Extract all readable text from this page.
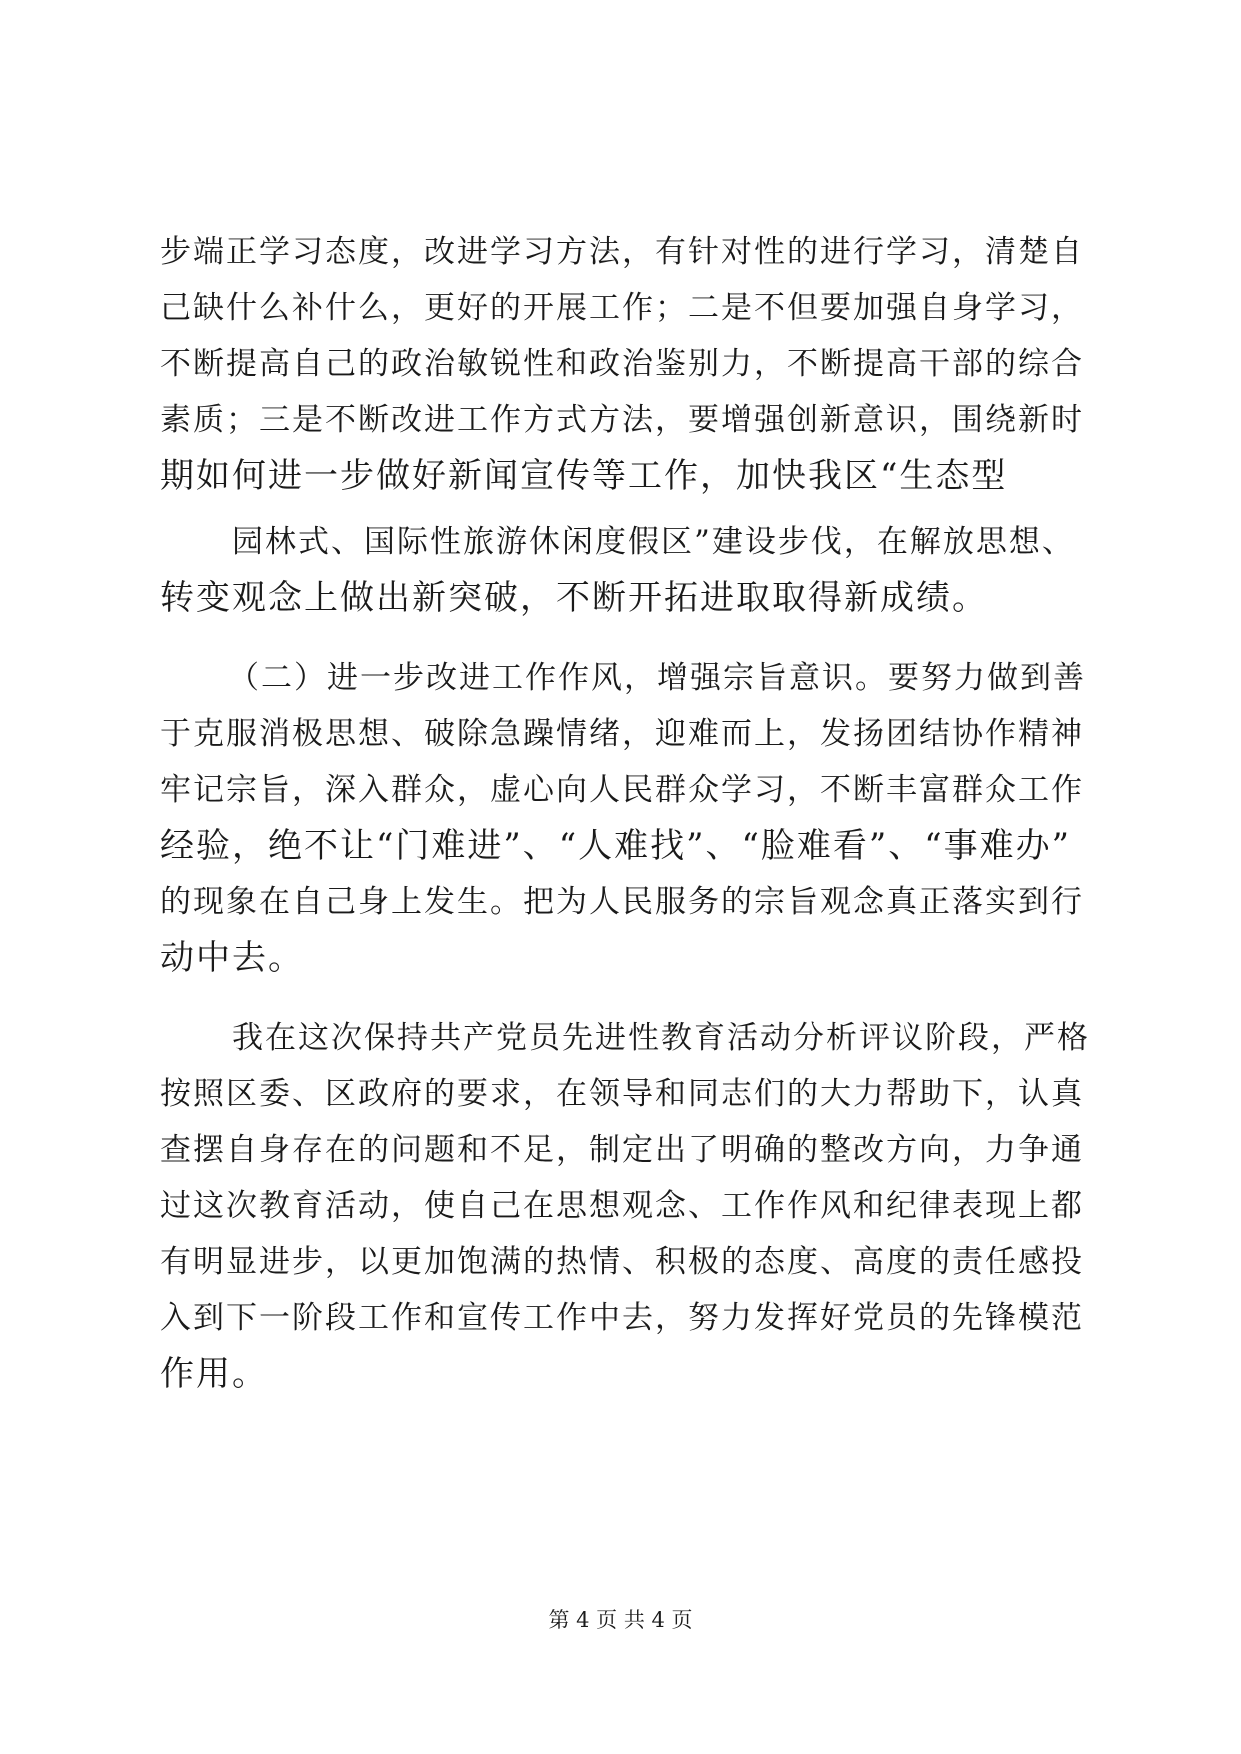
步端正学习态度，改进学习方法，有针对性的进行学习，清楚自
己缺什么补什么，更好的开展工作；二是不但要加强自身学习，
不断提高自己的政治敏锐性和政治鉴别力，不断提高干部的综合
素质；三是不断改进工作方式方法，要增强创新意识，围绕新时
期如何进一步做好新闻宣传等工作，加快我区“生态型
园林式、国际性旅游休闲度假区”建设步伐，在解放思想、
转变观念上做出新突破，不断开拓进取取得新成绩。
（二）进一步改进工作作风，增强宗旨意识。要努力做到善
于克服消极思想、破除急躁情绪，迎难而上，发扬团结协作精神
牢记宗旨，深入群众，虚心向人民群众学习，不断丰富群众工作
经验，绝不让“门难进”、“人难找”、“脸难看”、“事难办”
的现象在自己身上发生。把为人民服务的宗旨观念真正落实到行
动中去。
我在这次保持共产党员先进性教育活动分析评议阶段，严格
按照区委、区政府的要求，在领导和同志们的大力帮助下，认真
查摆自身存在的问题和不足，制定出了明确的整改方向，力争通
过这次教育活动，使自己在思想观念、工作作风和纪律表现上都
有明显进步，以更加饱满的热情、积极的态度、高度的责任感投
入到下一阶段工作和宣传工作中去，努力发挥好党员的先锋模范
作用。
第 4 页 共 4 页
